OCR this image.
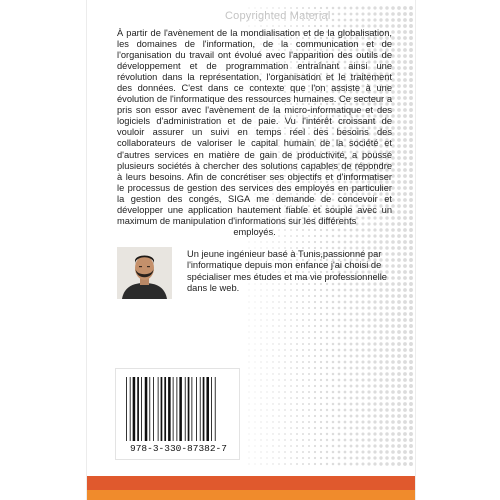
Copyrighted Material
À partir de l'avènement de la mondialisation et de la globalisation, les domaines de l'information, de la communication et de l'organisation du travail ont évolué avec l'apparition des outils de développement et de programmation entraînant ainsi une révolution dans la représentation, l'organisation et le traitement des données. C'est dans ce contexte que l'on assiste à une évolution de l'informatique des ressources humaines. Ce secteur a pris son essor avec l'avènement de la micro-informatique et des logiciels d'administration et de paie. Vu l'intérêt croissant de vouloir assurer un suivi en temps réel des besoins des collaborateurs de valoriser le capital humain de la société et d'autres services en matière de gain de productivité, a poussé plusieurs sociétés à chercher des solutions capables de répondre à leurs besoins. Afin de concrétiser ses objectifs et d'informatiser le processus de gestion des services des employés en particulier la gestion des congés, SIGA me demande de concevoir et développer une application hautement fiable et souple avec un maximum de manipulation d'informations sur les différents
employés.
Un jeune ingénieur basé à Tunis,passionné par l'informatique depuis mon enfance j'ai choisi de spécialiser mes études et ma vie professionnelle dans le web.
978-3-330-87382-7
